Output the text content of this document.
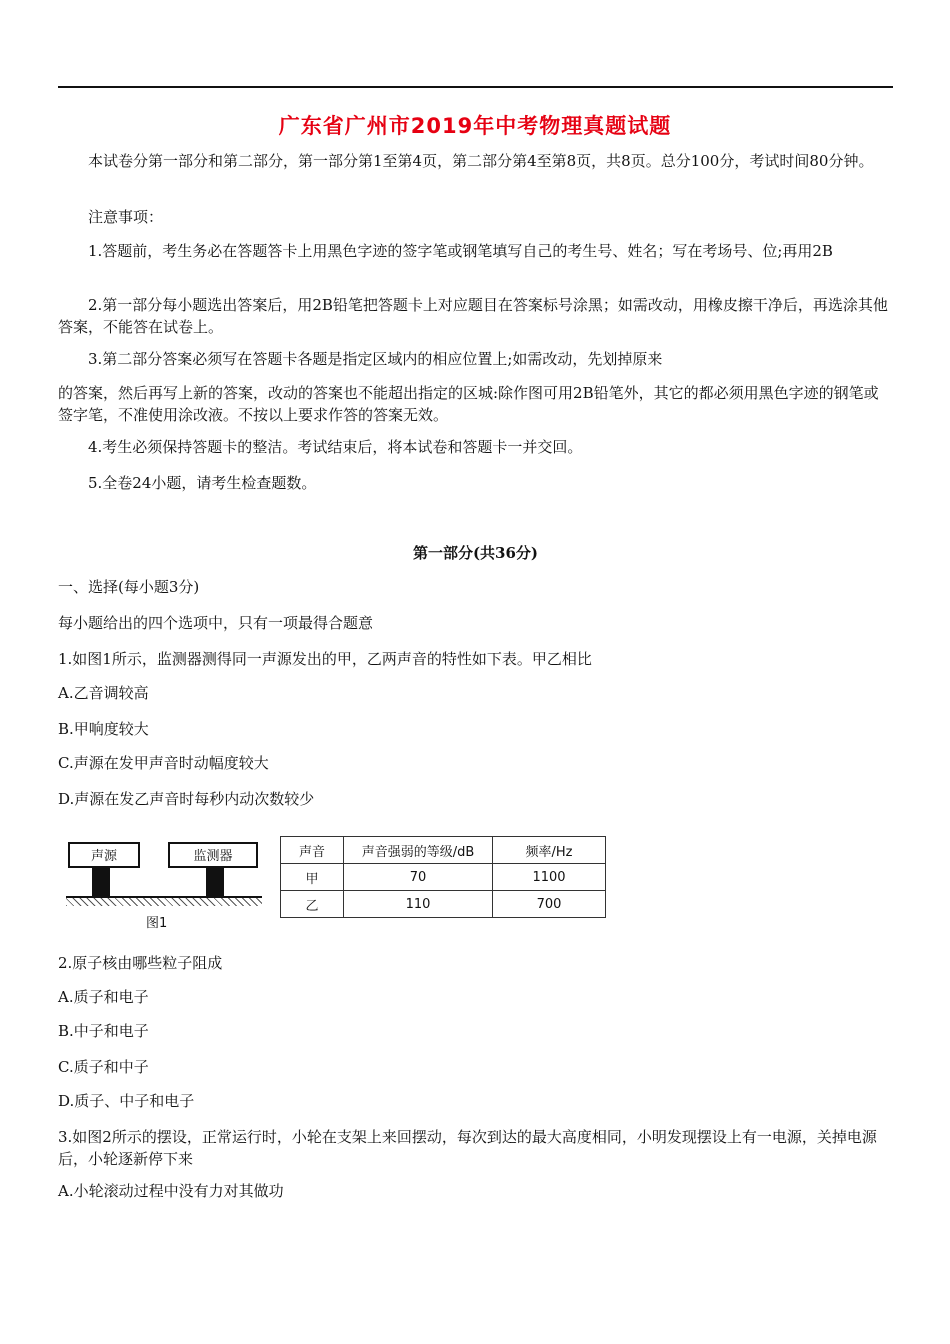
广东省广州市2019年中考物理真题试题

本试卷分第一部分和第二部分，第一部分第1至第4页，第二部分第4至第8页，共8页。总分100分，考试时间80分钟。

注意事项：

1.答题前，考生务必在答题答卡上用黑色字迹的签字笔或钢笔填写自己的考生号、姓名；写在考场号、位;再用2B

2.第一部分每小题选出答案后，用2B铅笔把答题卡上对应题目在答案标号涂黑；如需改动，用橡皮擦干净后，再选涂其他答案，不能答在试卷上。

3.第二部分答案必须写在答题卡各题是指定区域内的相应位置上;如需改动，先划掉原来

的答案，然后再写上新的答案，改动的答案也不能超出指定的区城:除作图可用2B铅笔外，其它的都必须用黑色字迹的钢笔或签字笔，不准使用涂改液。不按以上要求作答的答案无效。

4.考生必须保持答题卡的整洁。考试结束后，将本试卷和答题卡一并交回。

5.全卷24小题，请考生检查题数。

第一部分(共36分)

一、选择(每小题3分)

每小题给出的四个选项中，只有一项最得合题意

1.如图1所示，监测器测得同一声源发出的甲，乙两声音的特性如下表。甲乙相比

A.乙音调较高

B.甲响度较大

C.声源在发甲声音时动幅度较大

D.声源在发乙声音时每秒内动次数较少

声源	监测器
图1
声音	声音强弱的等级/dB	频率/Hz
甲	70	1100
乙	110	700

2.原子核由哪些粒子阻成

A.质子和电子

B.中子和电子

C.质子和中子

D.质子、中子和电子

3.如图2所示的摆设，正常运行时，小轮在支架上来回摆动，每次到达的最大高度相同，小明发现摆设上有一电源，关掉电源后，小轮逐新停下来

A.小轮滚动过程中没有力对其做功
